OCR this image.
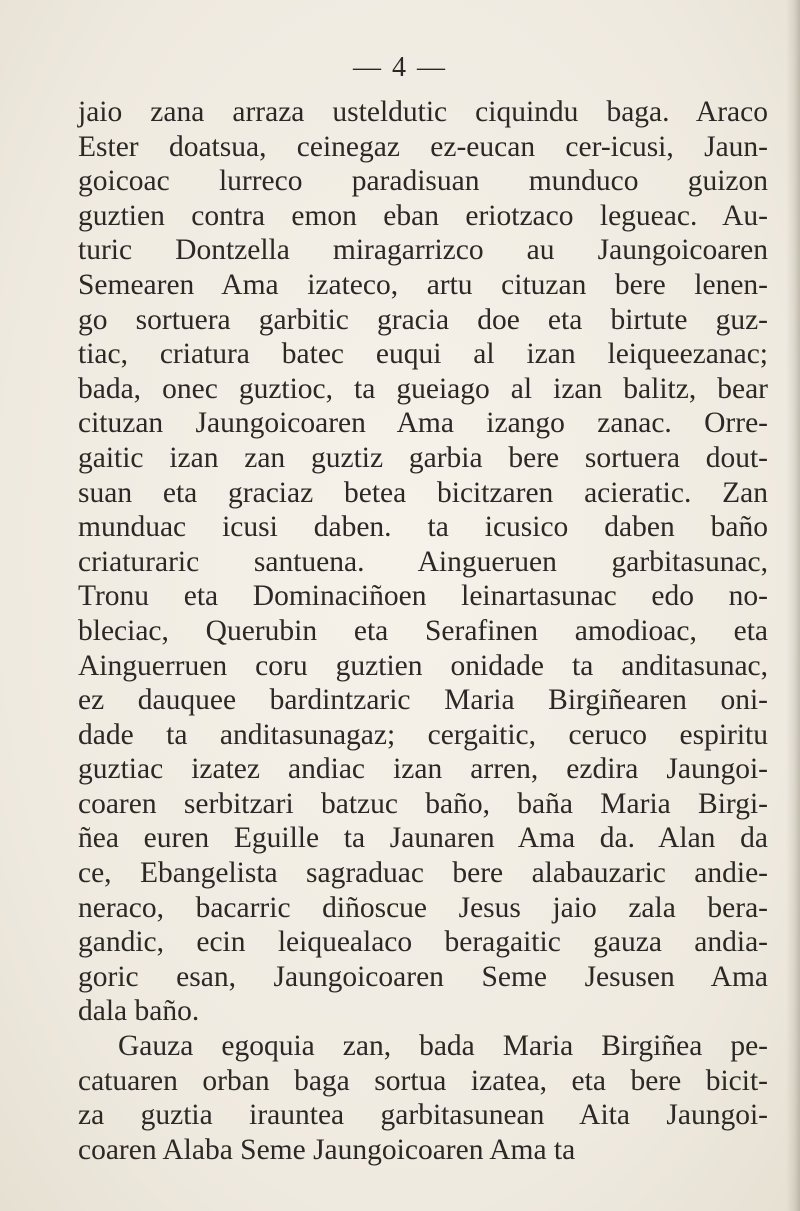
— 4 —
jaio zana arraza usteldutic ciquindu baga. Araco
Ester doatsua, ceinegaz ez-eucan cer-icusi, Jaun-
goicoac lurreco paradisuan munduco guizon
guztien contra emon eban eriotzaco legueac. Au-
turic Dontzella miragarrizco au Jaungoicoaren
Semearen Ama izateco, artu cituzan bere lenen-
go sortuera garbitic gracia doe eta birtute guz-
tiac, criatura batec euqui al izan leiqueezanac;
bada, onec guztioc, ta gueiago al izan balitz, bear
cituzan Jaungoicoaren Ama izango zanac. Orre-
gaitic izan zan guztiz garbia bere sortuera dout-
suan eta graciaz betea bicitzaren acieratic. Zan
munduac icusi daben. ta icusico daben baño
criaturaric santuena. Aingueruen garbitasunac,
Tronu eta Dominaciñoen leinartasunac edo no-
bleciac, Querubin eta Serafinen amodioac, eta
Ainguerruen coru guztien onidade ta anditasunac,
ez dauquee bardintzaric Maria Birgiñearen oni-
dade ta anditasunagaz; cergaitic, ceruco espiritu
guztiac izatez andiac izan arren, ezdira Jaungoi-
coaren serbitzari batzuc baño, baña Maria Birgi-
ñea euren Eguille ta Jaunaren Ama da. Alan da
ce, Ebangelista sagraduac bere alabauzaric andie-
neraco, bacarric diñoscue Jesus jaio zala bera-
gandic, ecin leiquealaco beragaitic gauza andia-
goric esan, Jaungoicoaren Seme Jesusen Ama
dala baño.
Gauza egoquia zan, bada Maria Birgiñea pe-
catuaren orban baga sortua izatea, eta bere bicit-
za guztia irauntea garbitasunean Aita Jaungoi-
coaren Alaba Seme Jaungoicoaren Ama ta
